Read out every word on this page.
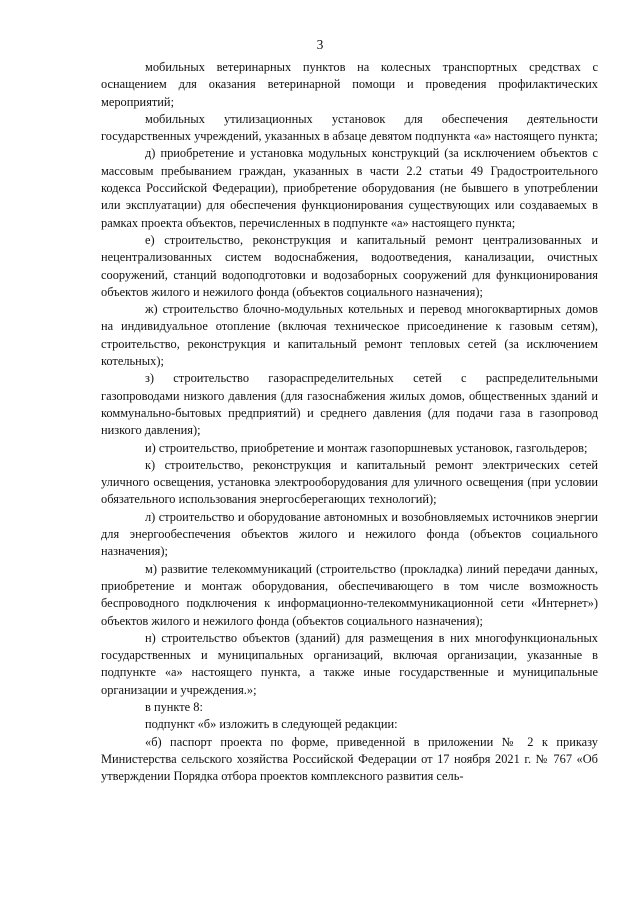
3

мобильных ветеринарных пунктов на колесных транспортных средствах с оснащением для оказания ветеринарной помощи и проведения профилактических мероприятий;

мобильных утилизационных установок для обеспечения деятельности государственных учреждений, указанных в абзаце девятом подпункта «а» настоящего пункта;

д) приобретение и установка модульных конструкций (за исключением объектов с массовым пребыванием граждан, указанных в части 2.2 статьи 49 Градостроительного кодекса Российской Федерации), приобретение оборудования (не бывшего в употреблении или эксплуатации) для обеспечения функционирования существующих или создаваемых в рамках проекта объектов, перечисленных в подпункте «а» настоящего пункта;

е) строительство, реконструкция и капитальный ремонт централизованных и нецентрализованных систем водоснабжения, водоотведения, канализации, очистных сооружений, станций водоподготовки и водозаборных сооружений для функционирования объектов жилого и нежилого фонда (объектов социального назначения);

ж) строительство блочно-модульных котельных и перевод многоквартирных домов на индивидуальное отопление (включая техническое присоединение к газовым сетям), строительство, реконструкция и капитальный ремонт тепловых сетей (за исключением котельных);

з) строительство газораспределительных сетей с распределительными газопроводами низкого давления (для газоснабжения жилых домов, общественных зданий и коммунально-бытовых предприятий) и среднего давления (для подачи газа в газопровод низкого давления);

и) строительство, приобретение и монтаж газопоршневых установок, газгольдеров;

к) строительство, реконструкция и капитальный ремонт электрических сетей уличного освещения, установка электрооборудования для уличного освещения (при условии обязательного использования энергосберегающих технологий);

л) строительство и оборудование автономных и возобновляемых источников энергии для энергообеспечения объектов жилого и нежилого фонда (объектов социального назначения);

м) развитие телекоммуникаций (строительство (прокладка) линий передачи данных, приобретение и монтаж оборудования, обеспечивающего в том числе возможность беспроводного подключения к информационно-телекоммуникационной сети «Интернет») объектов жилого и нежилого фонда (объектов социального назначения);

н) строительство объектов (зданий) для размещения в них многофункциональных государственных и муниципальных организаций, включая организации, указанные в подпункте «а» настоящего пункта, а также иные государственные и муниципальные организации и учреждения.»;

в пункте 8:

подпункт «б» изложить в следующей редакции:

«б) паспорт проекта по форме, приведенной в приложении № 2 к приказу Министерства сельского хозяйства Российской Федерации от 17 ноября 2021 г. № 767 «Об утверждении Порядка отбора проектов комплексного развития сель-
